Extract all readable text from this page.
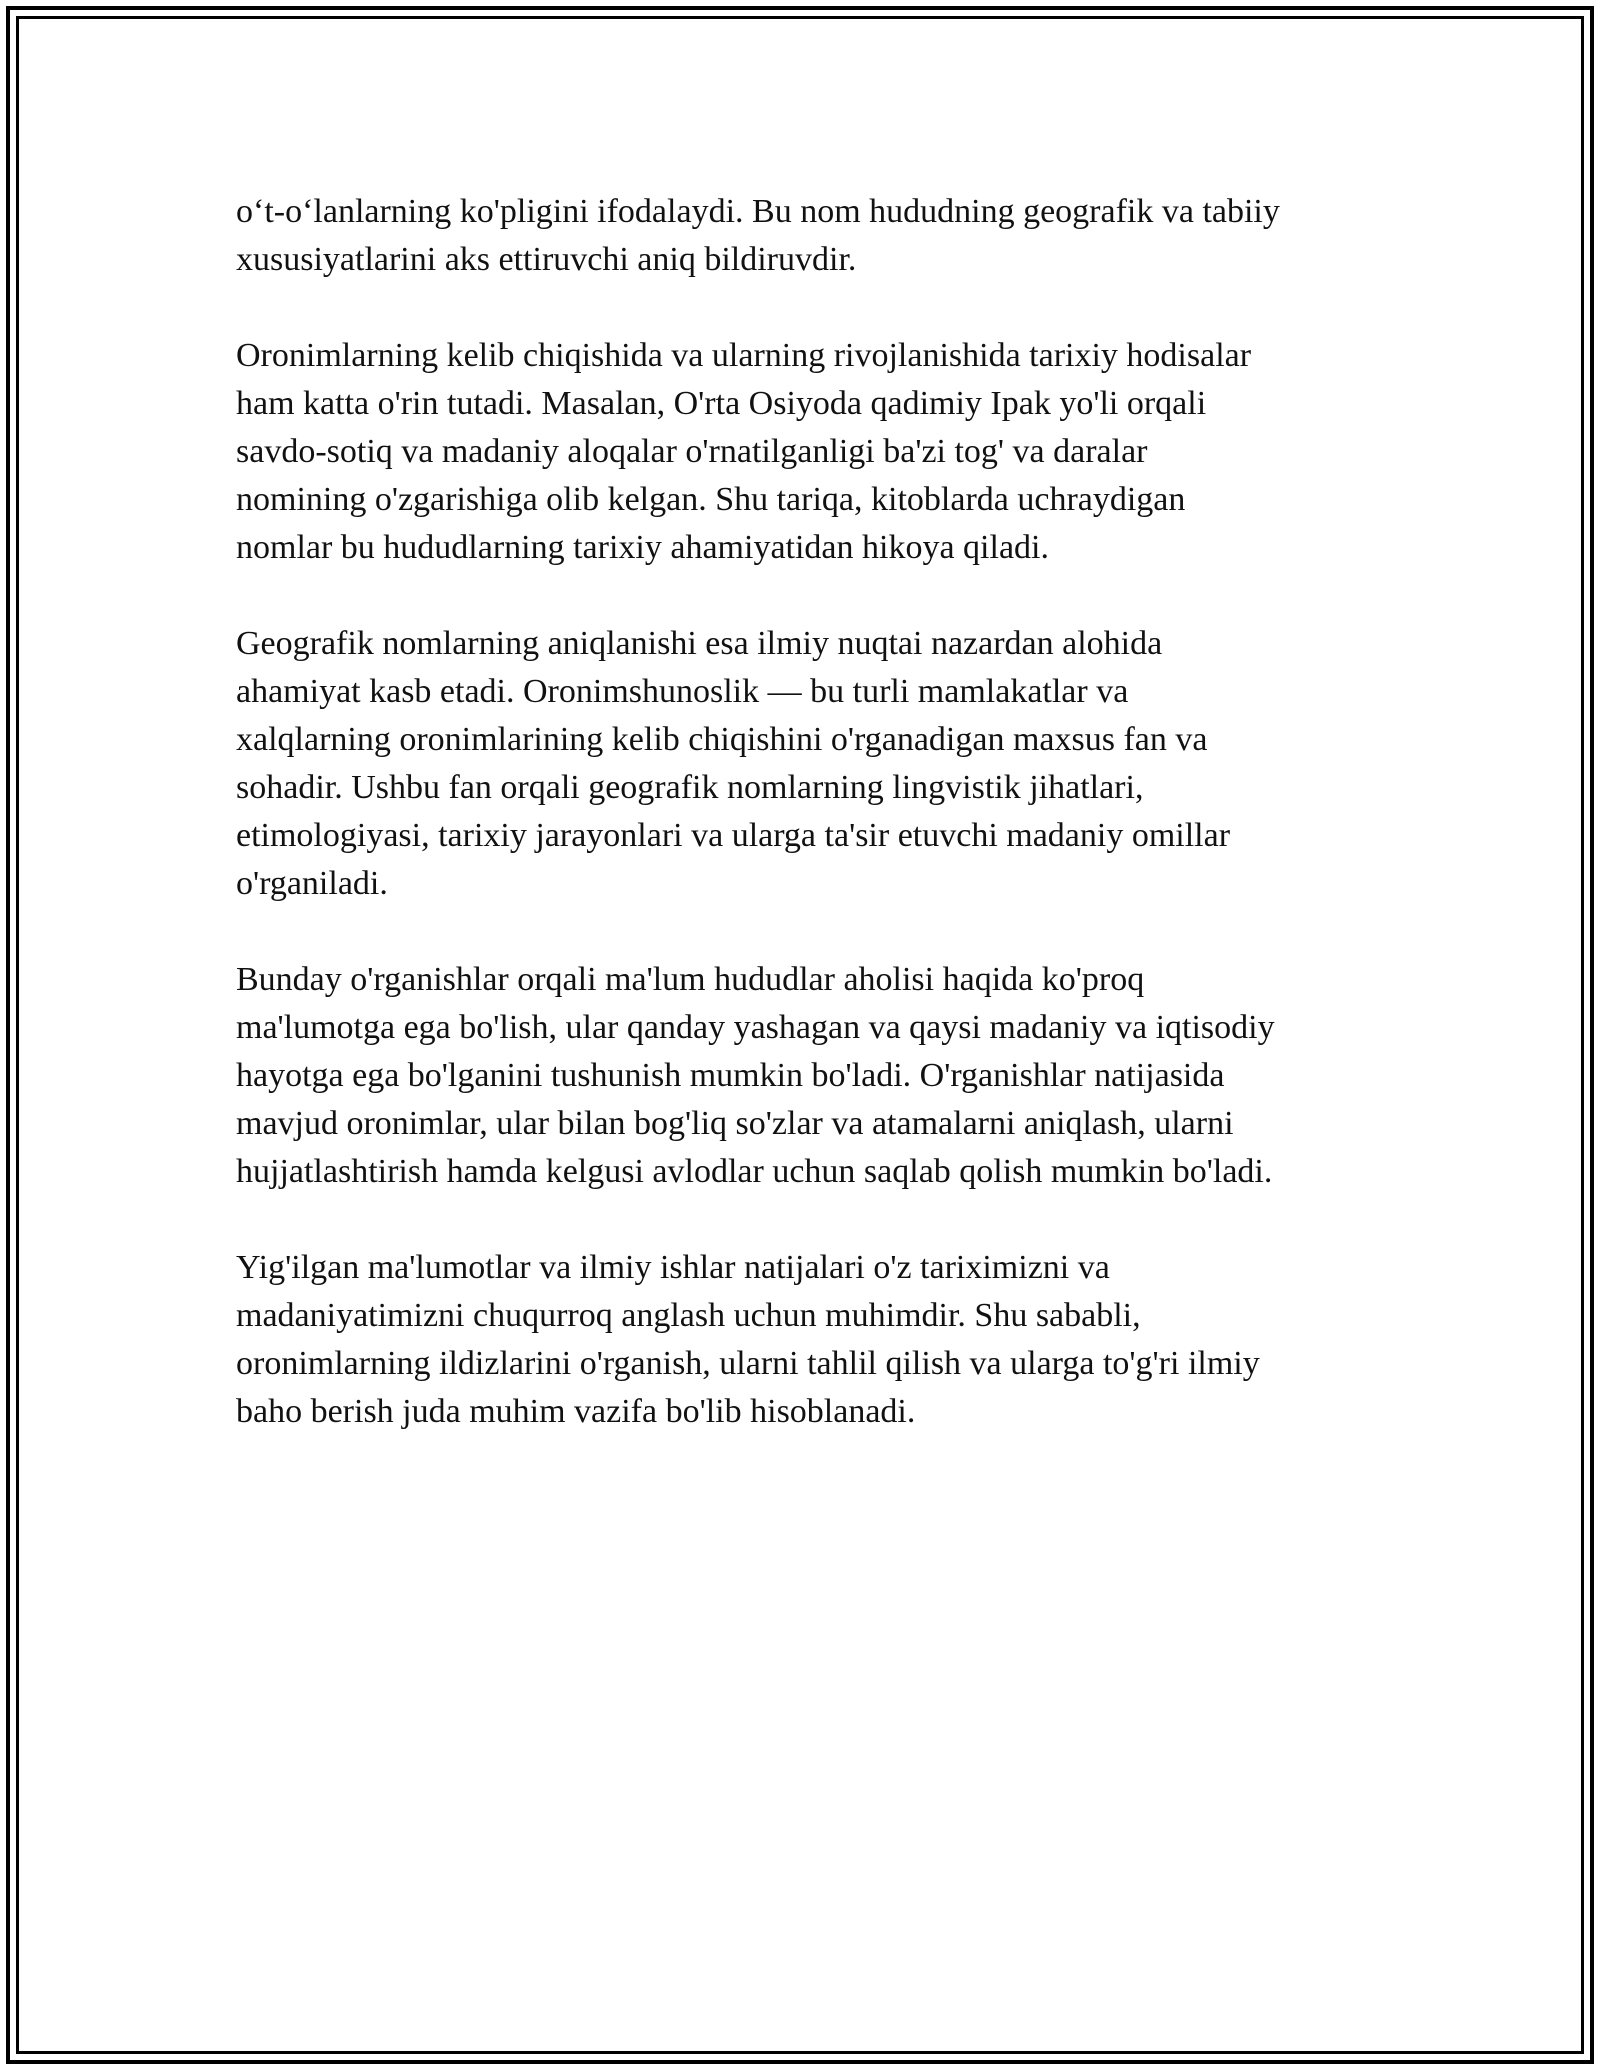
o‘t-o‘lanlarning ko'pligini ifodalaydi. Bu nom hududning geografik va tabiiy
xususiyatlarini aks ettiruvchi aniq bildiruvdir.

Oronimlarning kelib chiqishida va ularning rivojlanishida tarixiy hodisalar
ham katta o'rin tutadi. Masalan, O'rta Osiyoda qadimiy Ipak yo'li orqali
savdo-sotiq va madaniy aloqalar o'rnatilganligi ba'zi tog' va daralar
nomining o'zgarishiga olib kelgan. Shu tariqa, kitoblarda uchraydigan
nomlar bu hududlarning tarixiy ahamiyatidan hikoya qiladi.

Geografik nomlarning aniqlanishi esa ilmiy nuqtai nazardan alohida
ahamiyat kasb etadi. Oronimshunoslik — bu turli mamlakatlar va
xalqlarning oronimlarining kelib chiqishini o'rganadigan maxsus fan va
sohadir. Ushbu fan orqali geografik nomlarning lingvistik jihatlari,
etimologiyasi, tarixiy jarayonlari va ularga ta'sir etuvchi madaniy omillar
o'rganiladi.

Bunday o'rganishlar orqali ma'lum hududlar aholisi haqida ko'proq
ma'lumotga ega bo'lish, ular qanday yashagan va qaysi madaniy va iqtisodiy
hayotga ega bo'lganini tushunish mumkin bo'ladi. O'rganishlar natijasida
mavjud oronimlar, ular bilan bog'liq so'zlar va atamalarni aniqlash, ularni
hujjatlashtirish hamda kelgusi avlodlar uchun saqlab qolish mumkin bo'ladi.

Yig'ilgan ma'lumotlar va ilmiy ishlar natijalari o'z tariximizni va
madaniyatimizni chuqurroq anglash uchun muhimdir. Shu sababli,
oronimlarning ildizlarini o'rganish, ularni tahlil qilish va ularga to'g'ri ilmiy
baho berish juda muhim vazifa bo'lib hisoblanadi.
